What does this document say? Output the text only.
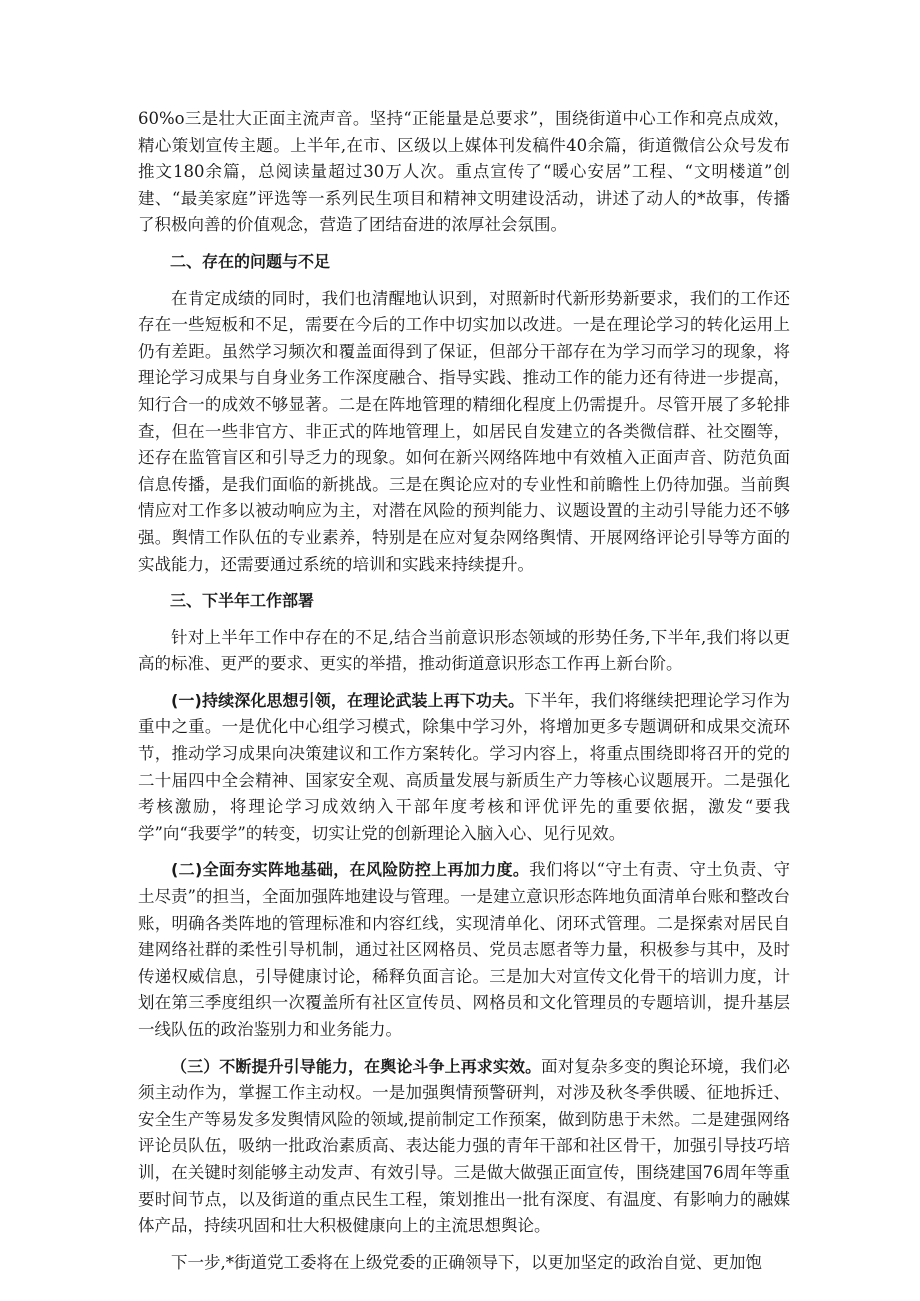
60%o三是壮大正面主流声音。坚持“正能量是总要求”，围绕街道中心工作和亮点成效，精心策划宣传主题。上半年,在市、区级以上媒体刊发稿件40余篇，街道微信公众号发布推文180余篇，总阅读量超过30万人次。重点宣传了“暖心安居”工程、“文明楼道”创建、“最美家庭”评选等一系列民生项目和精神文明建设活动，讲述了动人的*故事，传播了积极向善的价值观念，营造了团结奋进的浓厚社会氛围。

二、存在的问题与不足

在肯定成绩的同时，我们也清醒地认识到，对照新时代新形势新要求，我们的工作还存在一些短板和不足，需要在今后的工作中切实加以改进。一是在理论学习的转化运用上仍有差距。虽然学习频次和覆盖面得到了保证，但部分干部存在为学习而学习的现象，将理论学习成果与自身业务工作深度融合、指导实践、推动工作的能力还有待进一步提高，知行合一的成效不够显著。二是在阵地管理的精细化程度上仍需提升。尽管开展了多轮排查，但在一些非官方、非正式的阵地管理上，如居民自发建立的各类微信群、社交圈等，还存在监管盲区和引导乏力的现象。如何在新兴网络阵地中有效植入正面声音、防范负面信息传播，是我们面临的新挑战。三是在舆论应对的专业性和前瞻性上仍待加强。当前舆情应对工作多以被动响应为主，对潜在风险的预判能力、议题设置的主动引导能力还不够强。舆情工作队伍的专业素养，特别是在应对复杂网络舆情、开展网络评论引导等方面的实战能力，还需要通过系统的培训和实践来持续提升。

三、下半年工作部署

针对上半年工作中存在的不足,结合当前意识形态领域的形势任务,下半年,我们将以更高的标准、更严的要求、更实的举措，推动街道意识形态工作再上新台阶。

(一)持续深化思想引领，在理论武装上再下功夫。下半年，我们将继续把理论学习作为重中之重。一是优化中心组学习模式，除集中学习外，将增加更多专题调研和成果交流环节，推动学习成果向决策建议和工作方案转化。学习内容上，将重点围绕即将召开的党的二十届四中全会精神、国家安全观、高质量发展与新质生产力等核心议题展开。二是强化考核激励，将理论学习成效纳入干部年度考核和评优评先的重要依据，激发“要我学”向“我要学”的转变，切实让党的创新理论入脑入心、见行见效。

(二)全面夯实阵地基础，在风险防控上再加力度。我们将以“守土有责、守土负责、守土尽责”的担当，全面加强阵地建设与管理。一是建立意识形态阵地负面清单台账和整改台账，明确各类阵地的管理标准和内容红线，实现清单化、闭环式管理。二是探索对居民自建网络社群的柔性引导机制，通过社区网格员、党员志愿者等力量，积极参与其中，及时传递权威信息，引导健康讨论，稀释负面言论。三是加大对宣传文化骨干的培训力度，计划在第三季度组织一次覆盖所有社区宣传员、网格员和文化管理员的专题培训，提升基层一线队伍的政治鉴别力和业务能力。

（三）不断提升引导能力，在舆论斗争上再求实效。面对复杂多变的舆论环境，我们必须主动作为，掌握工作主动权。一是加强舆情预警研判，对涉及秋冬季供暖、征地拆迁、安全生产等易发多发舆情风险的领域,提前制定工作预案，做到防患于未然。二是建强网络评论员队伍，吸纳一批政治素质高、表达能力强的青年干部和社区骨干，加强引导技巧培训，在关键时刻能够主动发声、有效引导。三是做大做强正面宣传，围绕建国76周年等重要时间节点，以及街道的重点民生工程，策划推出一批有深度、有温度、有影响力的融媒体产品，持续巩固和壮大积极健康向上的主流思想舆论。

下一步,*街道党工委将在上级党委的正确领导下，以更加坚定的政治自觉、更加饱
